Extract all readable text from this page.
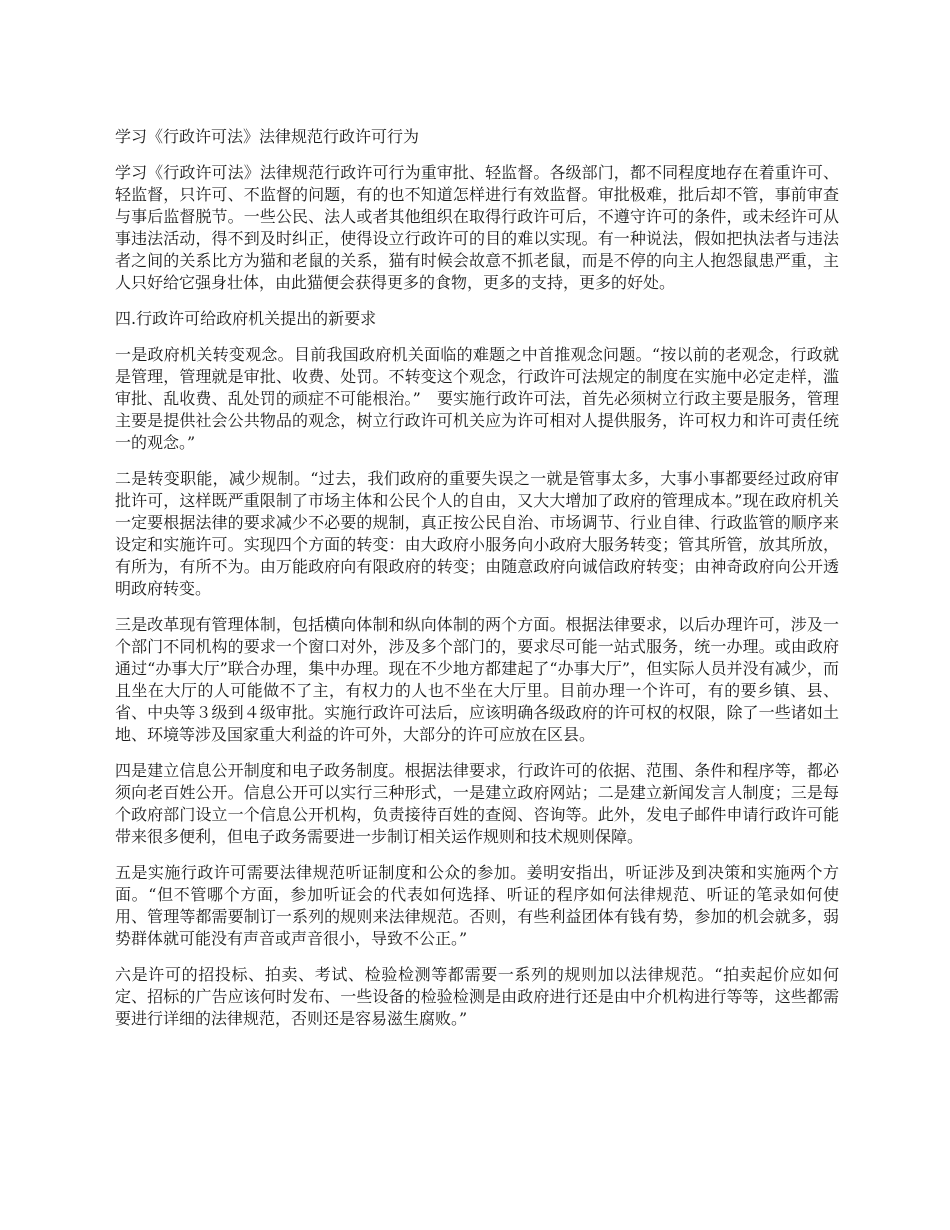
学习《行政许可法》法律规范行政许可行为

学习《行政许可法》法律规范行政许可行为重审批、轻监督。各级部门，都不同程度地存在着重许可、轻监督，只许可、不监督的问题，有的也不知道怎样进行有效监督。审批极难，批后却不管，事前审查与事后监督脱节。一些公民、法人或者其他组织在取得行政许可后，不遵守许可的条件，或未经许可从事违法活动，得不到及时纠正，使得设立行政许可的目的难以实现。有一种说法，假如把执法者与违法者之间的关系比方为猫和老鼠的关系，猫有时候会故意不抓老鼠，而是不停的向主人抱怨鼠患严重，主人只好给它强身壮体，由此猫便会获得更多的食物，更多的支持，更多的好处。

四.行政许可给政府机关提出的新要求

一是政府机关转变观念。目前我国政府机关面临的难题之中首推观念问题。“按以前的老观念，行政就是管理，管理就是审批、收费、处罚。不转变这个观念，行政许可法规定的制度在实施中必定走样，滥审批、乱收费、乱处罚的顽症不可能根治。”　要实施行政许可法，首先必须树立行政主要是服务，管理主要是提供社会公共物品的观念，树立行政许可机关应为许可相对人提供服务，许可权力和许可责任统一的观念。”

二是转变职能，减少规制。“过去，我们政府的重要失误之一就是管事太多，大事小事都要经过政府审批许可，这样既严重限制了市场主体和公民个人的自由，又大大增加了政府的管理成本。”现在政府机关一定要根据法律的要求减少不必要的规制，真正按公民自治、市场调节、行业自律、行政监管的顺序来设定和实施许可。实现四个方面的转变：由大政府小服务向小政府大服务转变；管其所管，放其所放，有所为，有所不为。由万能政府向有限政府的转变；由随意政府向诚信政府转变；由神奇政府向公开透明政府转变。

三是改革现有管理体制，包括横向体制和纵向体制的两个方面。根据法律要求，以后办理许可，涉及一个部门不同机构的要求一个窗口对外，涉及多个部门的，要求尽可能一站式服务，统一办理。或由政府通过“办事大厅”联合办理，集中办理。现在不少地方都建起了“办事大厅”，但实际人员并没有减少，而且坐在大厅的人可能做不了主，有权力的人也不坐在大厅里。目前办理一个许可，有的要乡镇、县、省、中央等３级到４级审批。实施行政许可法后，应该明确各级政府的许可权的权限，除了一些诸如土地、环境等涉及国家重大利益的许可外，大部分的许可应放在区县。

四是建立信息公开制度和电子政务制度。根据法律要求，行政许可的依据、范围、条件和程序等，都必须向老百姓公开。信息公开可以实行三种形式，一是建立政府网站；二是建立新闻发言人制度；三是每个政府部门设立一个信息公开机构，负责接待百姓的查阅、咨询等。此外，发电子邮件申请行政许可能带来很多便利，但电子政务需要进一步制订相关运作规则和技术规则保障。

五是实施行政许可需要法律规范听证制度和公众的参加。姜明安指出，听证涉及到决策和实施两个方面。“但不管哪个方面，参加听证会的代表如何选择、听证的程序如何法律规范、听证的笔录如何使用、管理等都需要制订一系列的规则来法律规范。否则，有些利益团体有钱有势，参加的机会就多，弱势群体就可能没有声音或声音很小，导致不公正。”

六是许可的招投标、拍卖、考试、检验检测等都需要一系列的规则加以法律规范。“拍卖起价应如何定、招标的广告应该何时发布、一些设备的检验检测是由政府进行还是由中介机构进行等等，这些都需要进行详细的法律规范，否则还是容易滋生腐败。”
